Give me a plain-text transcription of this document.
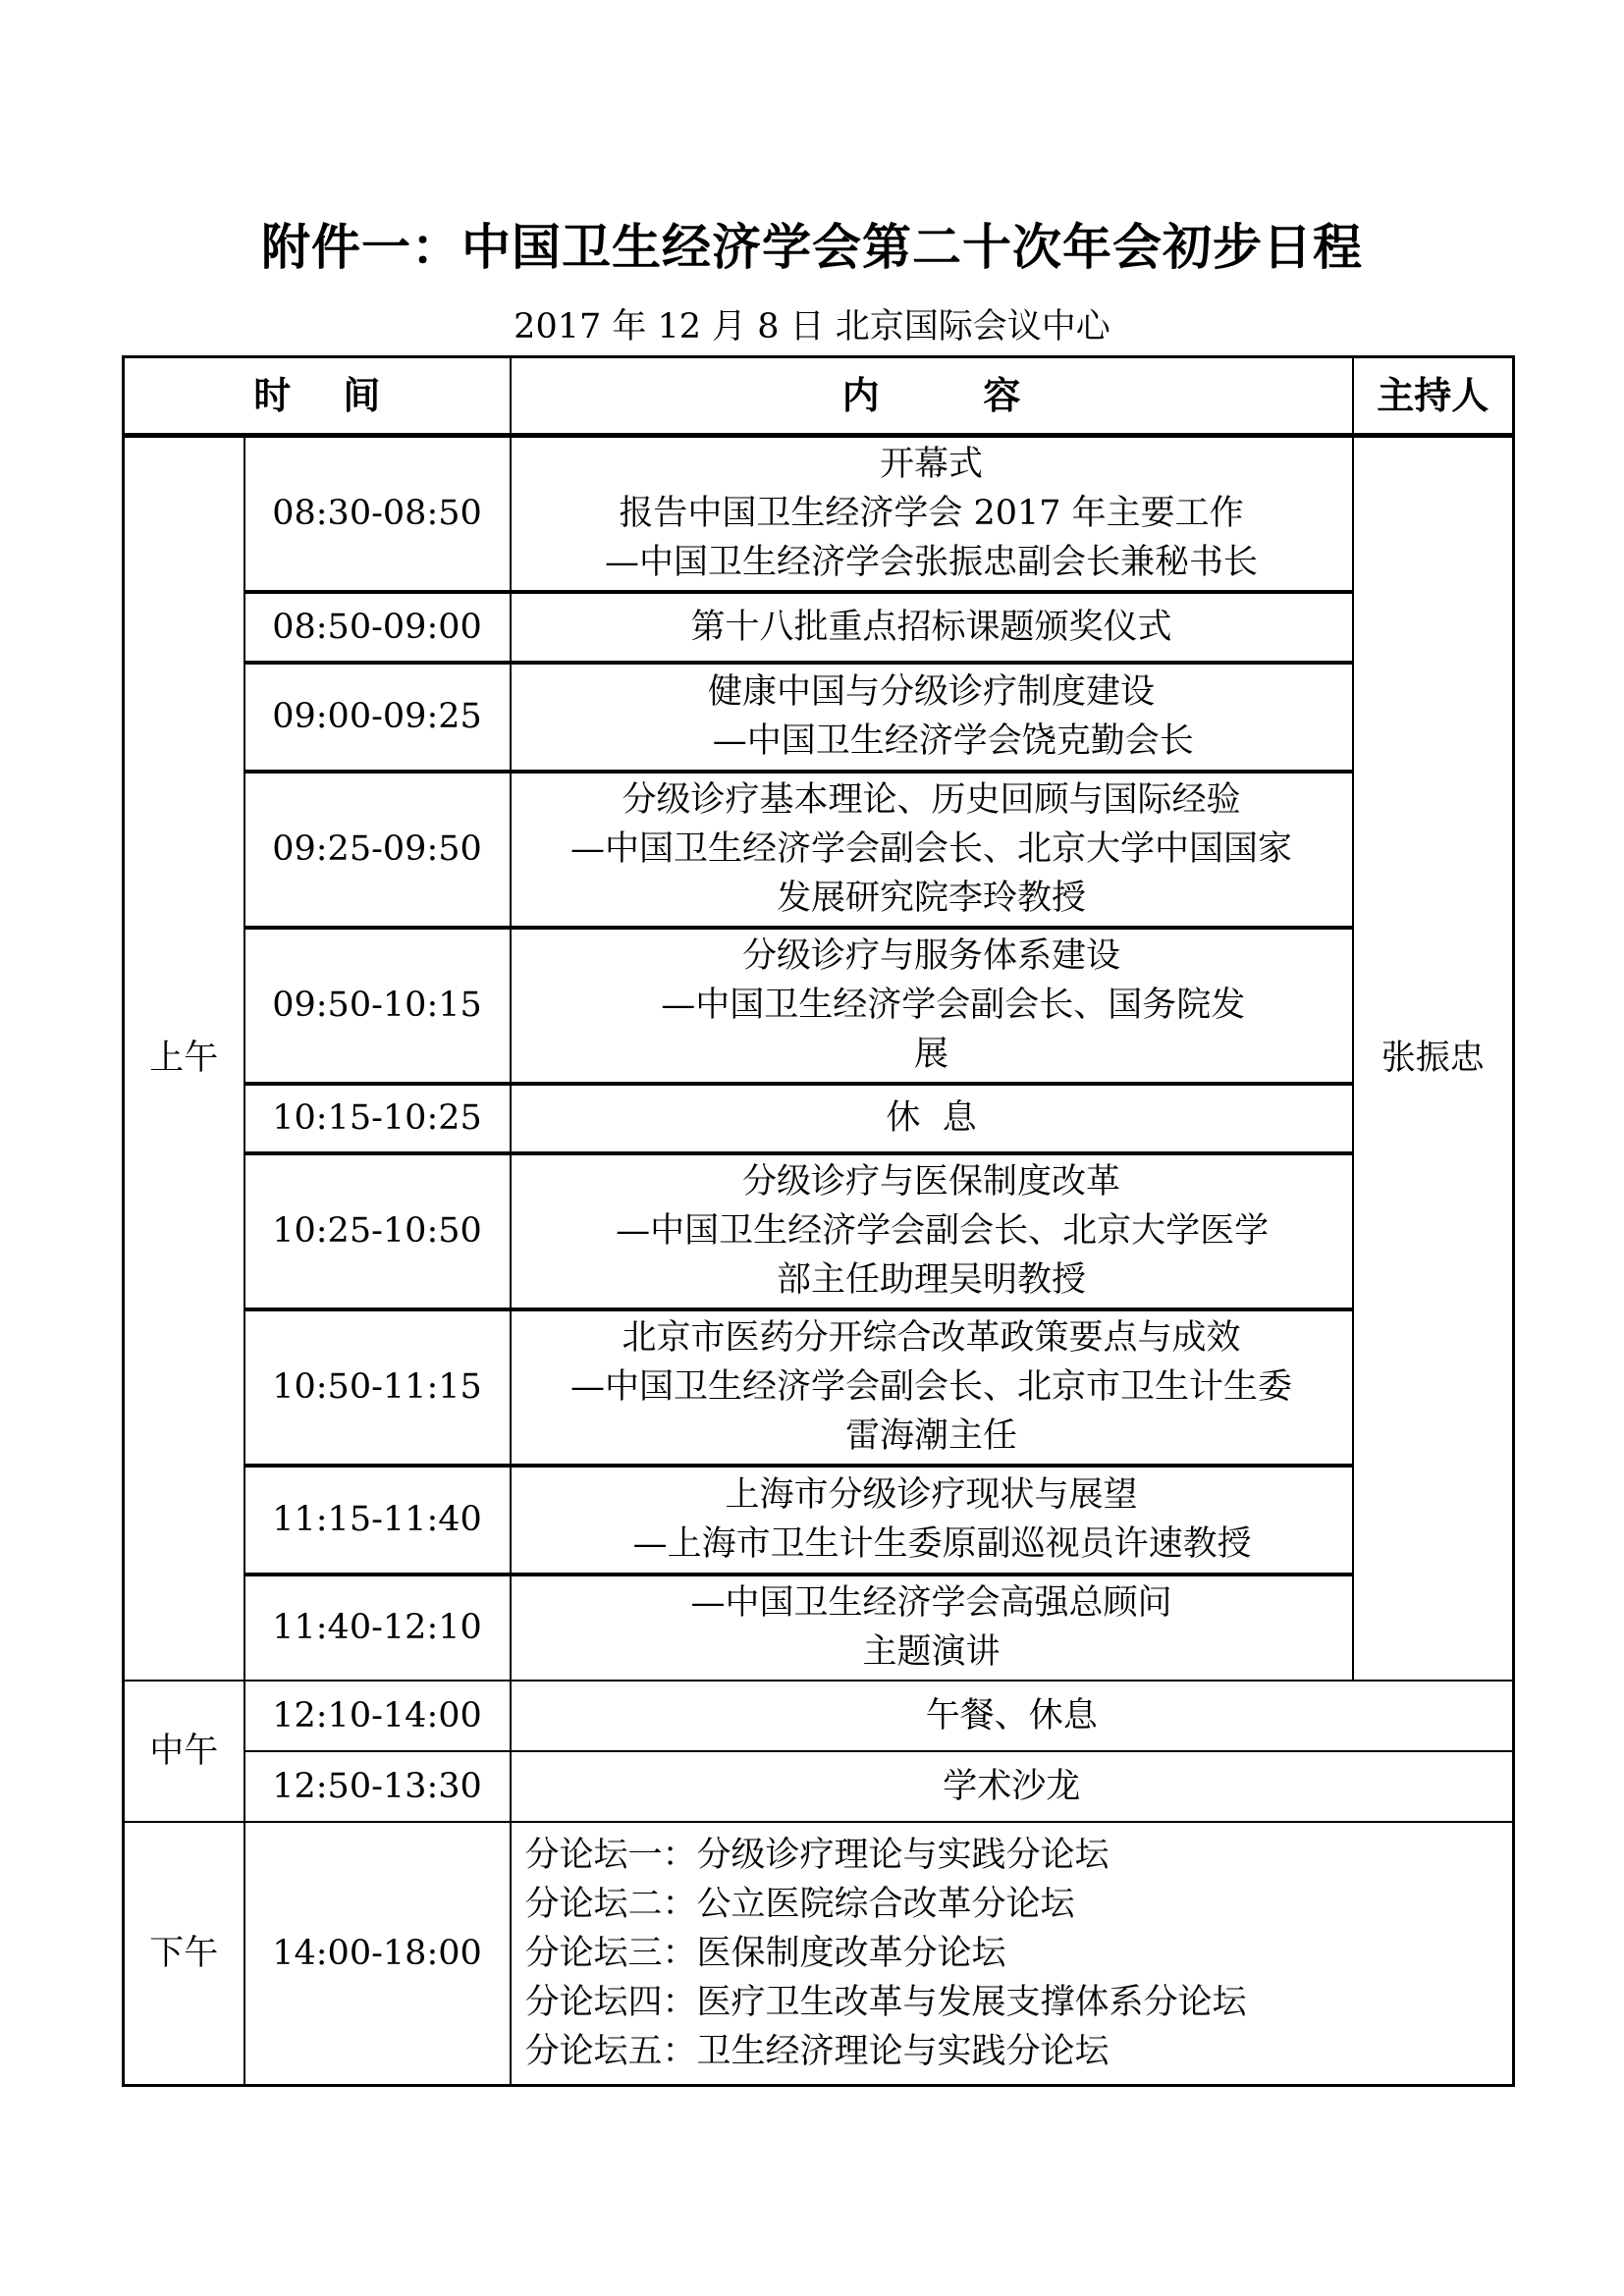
附件一：中国卫生经济学会第二十次年会初步日程
2017 年 12 月 8 日 北京国际会议中心
时    间		内        容	主持人
上午	08:30-08:50	开幕式
报告中国卫生经济学会 2017 年主要工作
—中国卫生经济学会张振忠副会长兼秘书长	张振忠
	08:50-09:00	第十八批重点招标课题颁奖仪式	

	09:00-09:25	健康中国与分级诊疗制度建设
—中国卫生经济学会饶克勤会长	

	09:25-09:50	分级诊疗基本理论、历史回顾与国际经验
—中国卫生经济学会副会长、北京大学中国国家
发展研究院李玲教授	

	09:50-10:15	分级诊疗与服务体系建设
—中国卫生经济学会副会长、国务院发
展	

	10:15-10:25	休  息	

	10:25-10:50	分级诊疗与医保制度改革
—中国卫生经济学会副会长、北京大学医学
部主任助理吴明教授	

	10:50-11:15	北京市医药分开综合改革政策要点与成效
—中国卫生经济学会副会长、北京市卫生计生委
雷海潮主任	

	11:15-11:40	上海市分级诊疗现状与展望
—上海市卫生计生委原副巡视员许速教授	

	11:40-12:10	—中国卫生经济学会高强总顾问
主题演讲	

中午	12:10-14:00	午餐、休息	

	12:50-13:30	学术沙龙	

下午	14:00-18:00	分论坛一：分级诊疗理论与实践分论坛
分论坛二：公立医院综合改革分论坛
分论坛三：医保制度改革分论坛
分论坛四：医疗卫生改革与发展支撑体系分论坛
分论坛五：卫生经济理论与实践分论坛	
